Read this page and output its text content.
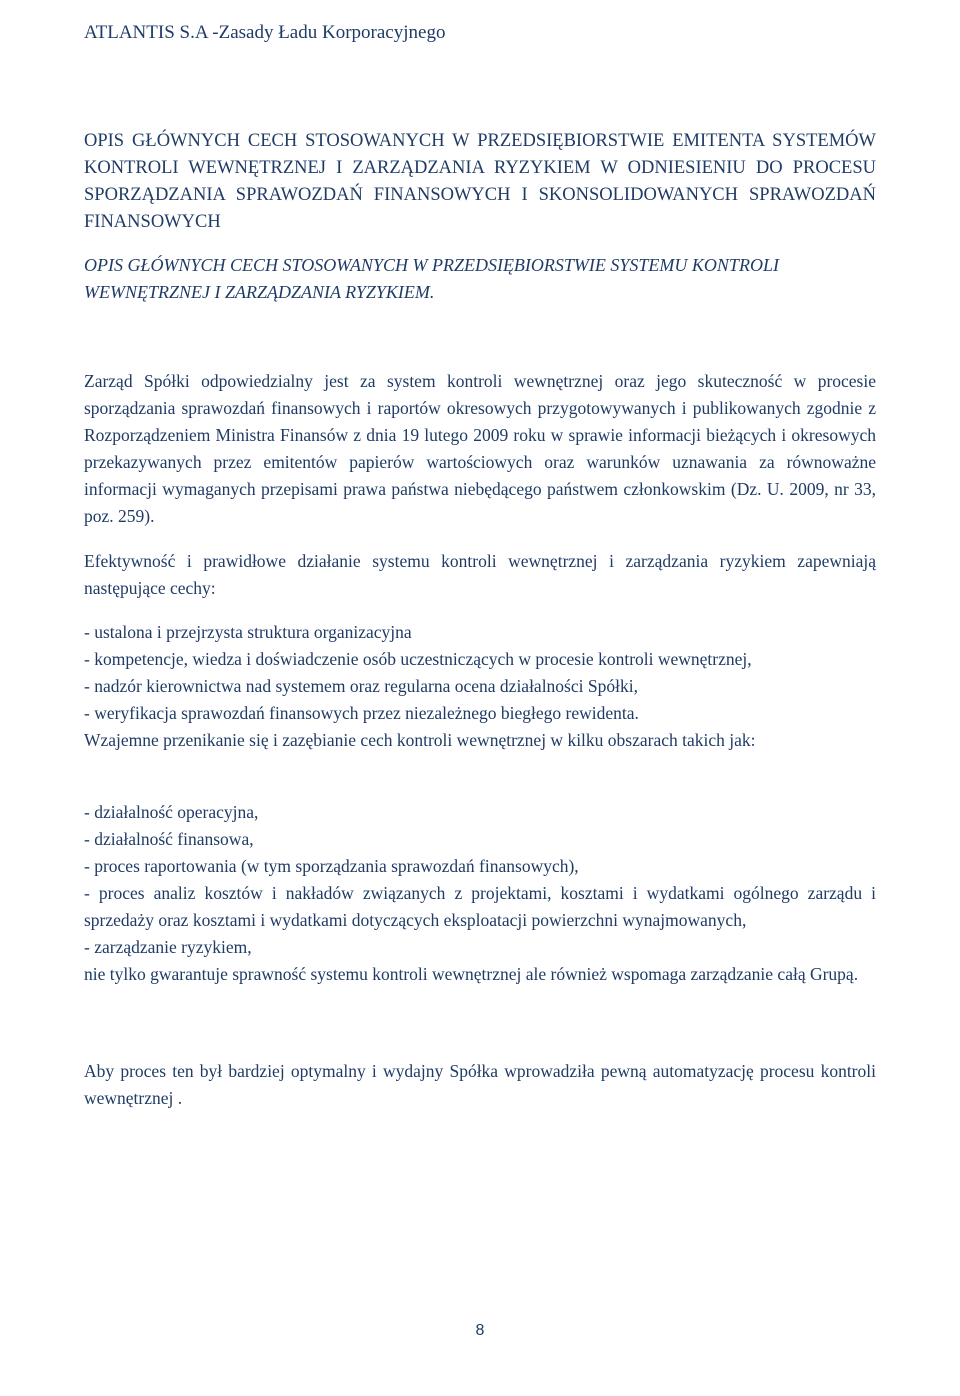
ATLANTIS S.A -Zasady Ładu Korporacyjnego
OPIS GŁÓWNYCH CECH STOSOWANYCH W PRZEDSIĘBIORSTWIE EMITENTA SYSTEMÓW KONTROLI WEWNĘTRZNEJ I ZARZĄDZANIA RYZYKIEM W ODNIESIENIU DO PROCESU SPORZĄDZANIA SPRAWOZDAŃ FINANSOWYCH I SKONSOLIDOWANYCH SPRAWOZDAŃ FINANSOWYCH
OPIS GŁÓWNYCH CECH STOSOWANYCH W PRZEDSIĘBIORSTWIE SYSTEMU KONTROLI WEWNĘTRZNEJ I ZARZĄDZANIA RYZYKIEM.

Zarząd Spółki odpowiedzialny jest za system kontroli wewnętrznej oraz jego skuteczność w procesie sporządzania sprawozdań finansowych i raportów okresowych przygotowywanych i publikowanych zgodnie z Rozporządzeniem Ministra Finansów z dnia 19 lutego 2009 roku w sprawie informacji bieżących i okresowych przekazywanych przez emitentów papierów wartościowych oraz warunków uznawania za równoważne informacji wymaganych przepisami prawa państwa niebędącego państwem członkowskim (Dz. U. 2009, nr 33, poz. 259).

Efektywność i prawidłowe działanie systemu kontroli wewnętrznej i zarządzania ryzykiem zapewniają następujące cechy:

- ustalona i przejrzysta struktura organizacyjna
- kompetencje, wiedza i doświadczenie osób uczestniczących w procesie kontroli wewnętrznej,
- nadzór kierownictwa nad systemem oraz regularna ocena działalności Spółki,
- weryfikacja sprawozdań finansowych przez niezależnego biegłego rewidenta.

Wzajemne przenikanie się i zazębianie cech kontroli wewnętrznej w kilku obszarach takich jak:

- działalność operacyjna,
- działalność finansowa,
- proces raportowania (w tym sporządzania sprawozdań finansowych),
- proces analiz kosztów i nakładów związanych z projektami, kosztami i wydatkami ogólnego zarządu i sprzedaży oraz kosztami i wydatkami dotyczących eksploatacji powierzchni wynajmowanych,
- zarządzanie ryzykiem,
nie tylko gwarantuje sprawność systemu kontroli wewnętrznej ale również wspomaga zarządzanie całą Grupą.

Aby proces ten był bardziej optymalny i wydajny Spółka wprowadziła pewną automatyzację procesu kontroli wewnętrznej .

8
